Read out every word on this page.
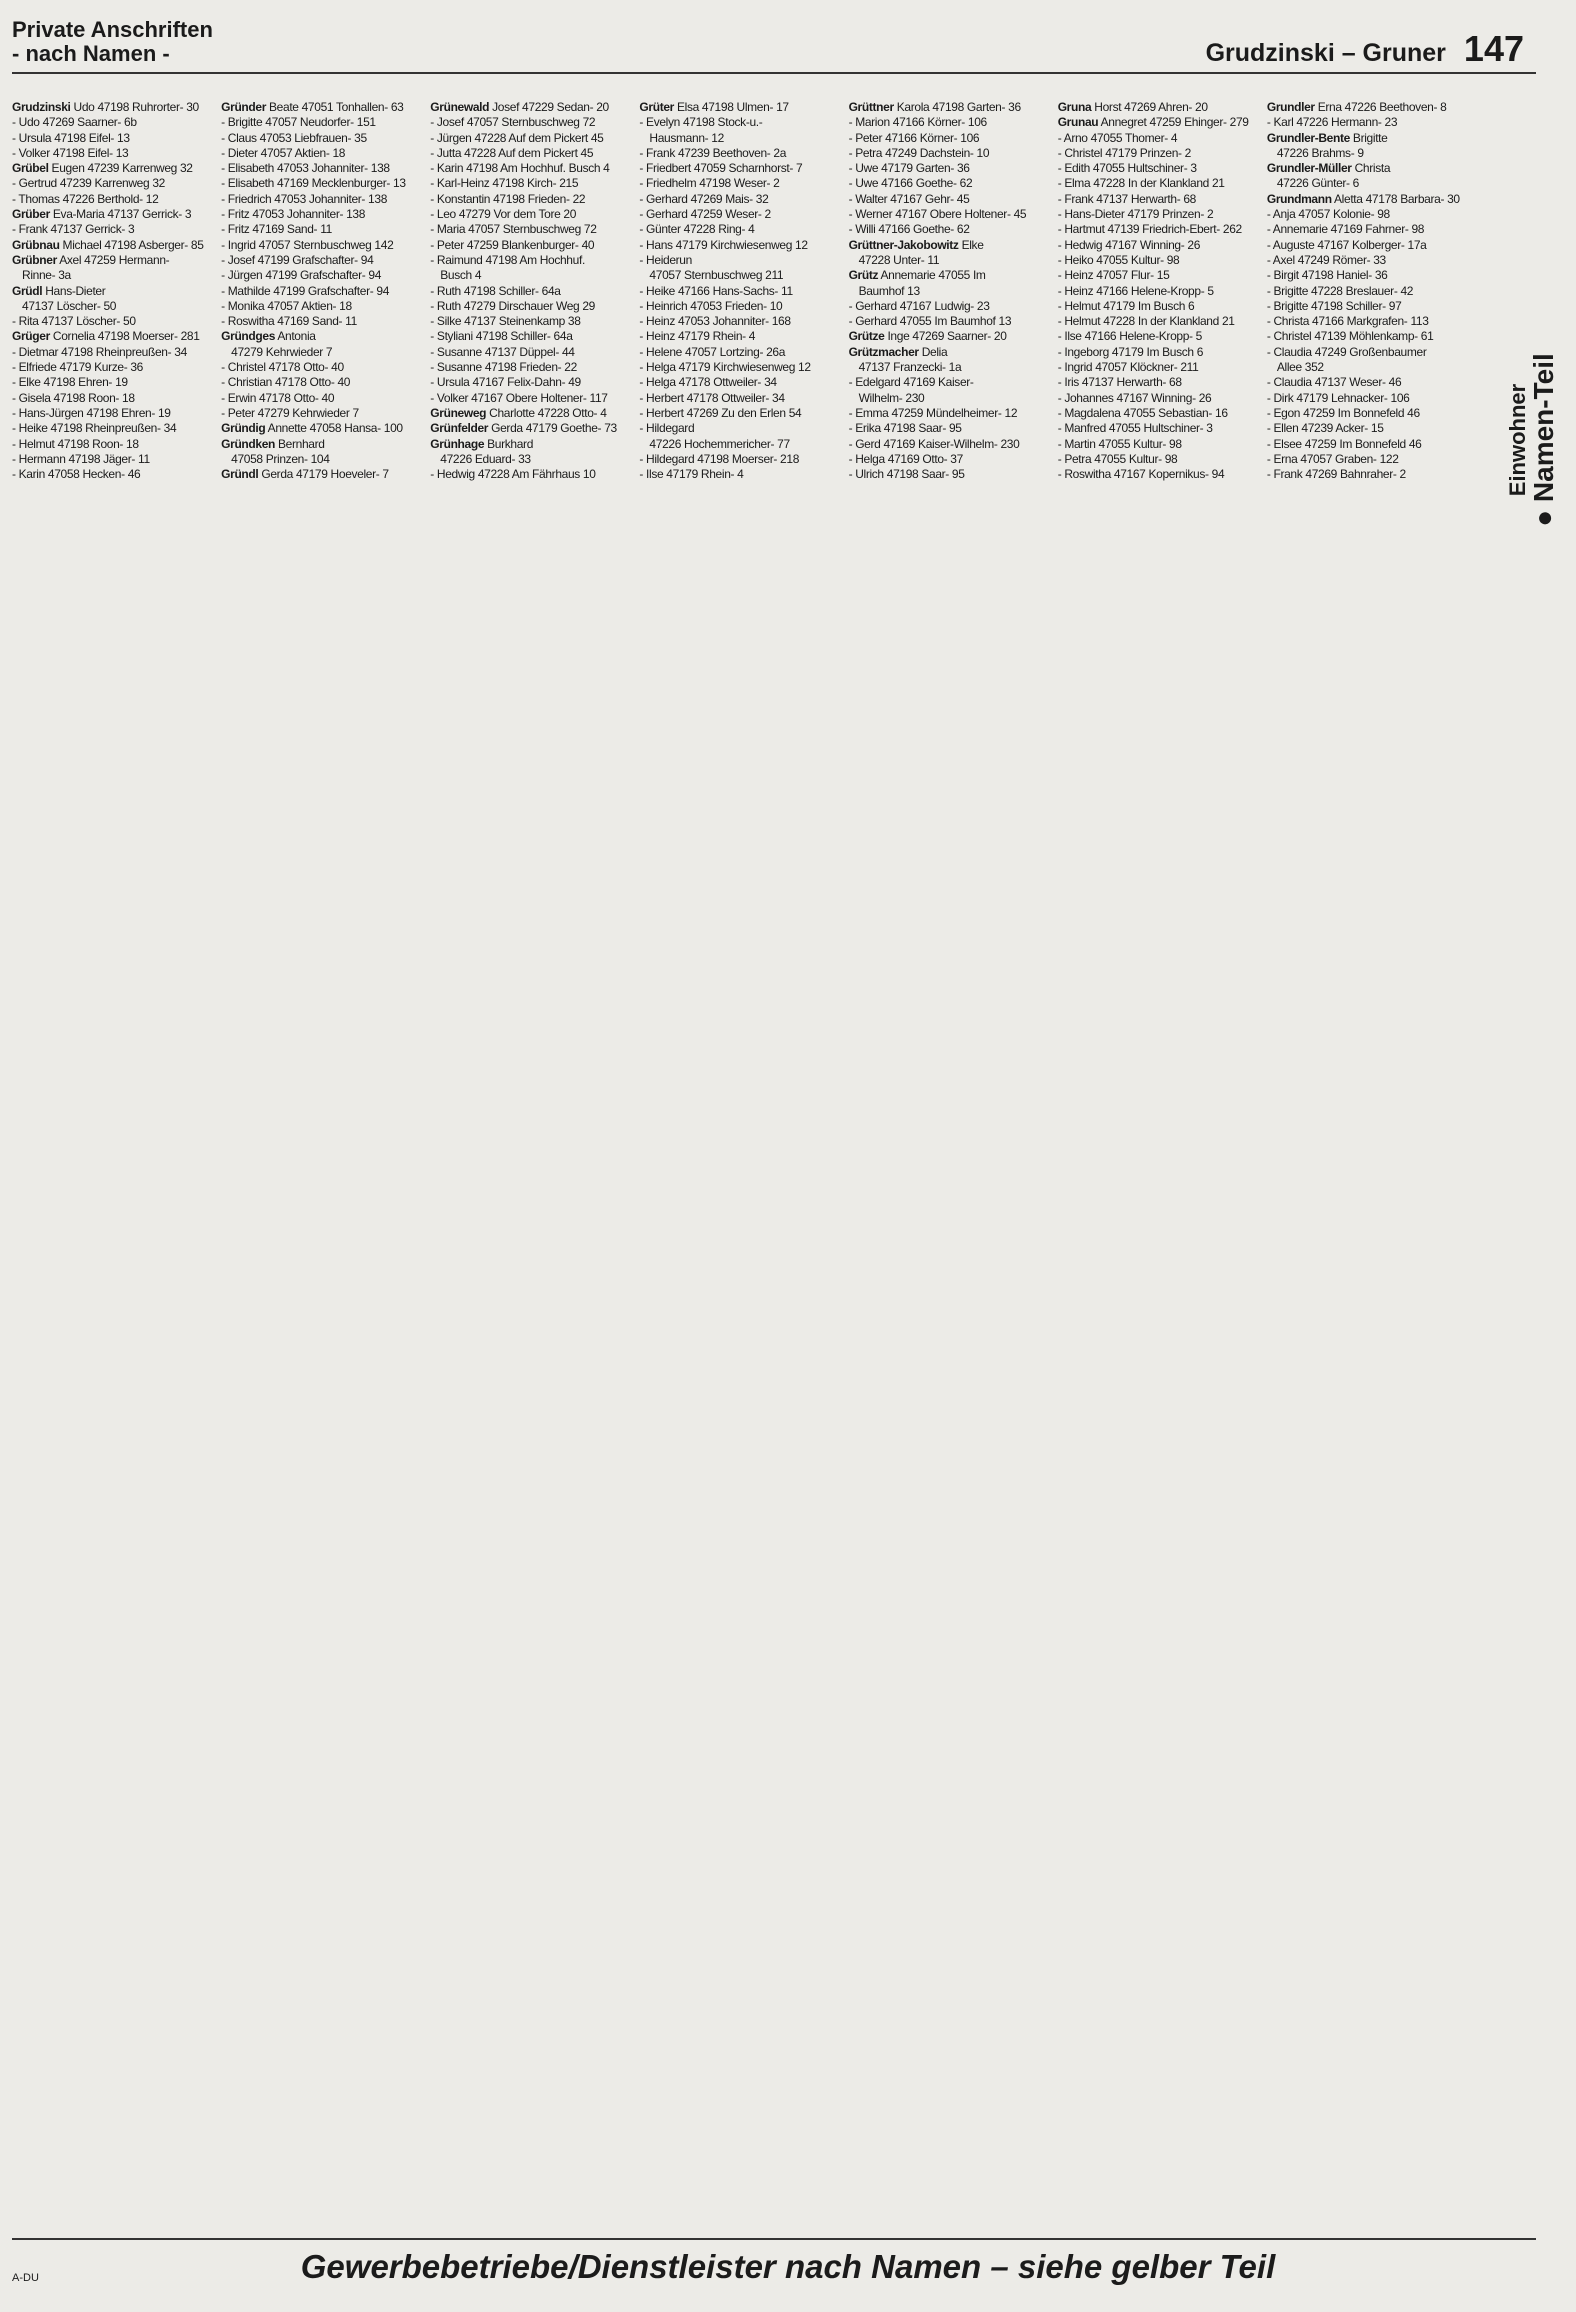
Private Anschriften
- nach Namen -	Grudzinski – Gruner 147
Grudzinski Udo 47198 Ruhrorter- 30
- Udo 47269 Saarner- 6b
- Ursula 47198 Eifel- 13
- Volker 47198 Eifel- 13
Grübel Eugen 47239 Karrenweg 32
- Gertrud 47239 Karrenweg 32
- Thomas 47226 Berthold- 12
Grüber Eva-Maria 47137 Gerrick- 3
- Frank 47137 Gerrick- 3
Grübnau Michael 47198 Asberger- 85
Grübner Axel 47259 Hermann-
Rinne- 3a
Grüdl Hans-Dieter
47137 Löscher- 50
- Rita 47137 Löscher- 50
Grüger Cornelia 47198 Moerser- 281
- Dietmar 47198 Rheinpreußen- 34
- Elfriede 47179 Kurze- 36
- Elke 47198 Ehren- 19
- Gisela 47198 Roon- 18
- Hans-Jürgen 47198 Ehren- 19
- Heike 47198 Rheinpreußen- 34
- Helmut 47198 Roon- 18
- Hermann 47198 Jäger- 11
- Karin 47058 Hecken- 46
Gründer Beate 47051 Tonhallen- 63
- Brigitte 47057 Neudorfer- 151
- Claus 47053 Liebfrauen- 35
- Dieter 47057 Aktien- 18
- Elisabeth 47053 Johanniter- 138
- Elisabeth 47169 Mecklenburger- 13
- Friedrich 47053 Johanniter- 138
- Fritz 47053 Johanniter- 138
- Fritz 47169 Sand- 11
- Ingrid 47057 Sternbuschweg 142
- Josef 47199 Grafschafter- 94
- Jürgen 47199 Grafschafter- 94
- Mathilde 47199 Grafschafter- 94
- Monika 47057 Aktien- 18
- Roswitha 47169 Sand- 11
Gründges Antonia
47279 Kehrwieder 7
- Christel 47178 Otto- 40
- Christian 47178 Otto- 40
- Erwin 47178 Otto- 40
- Peter 47279 Kehrwieder 7
Gründig Annette 47058 Hansa- 100
Gründken Bernhard
47058 Prinzen- 104
Gründl Gerda 47179 Hoeveler- 7
Grünewald Josef 47229 Sedan- 20
- Josef 47057 Sternbuschweg 72
- Jürgen 47228 Auf dem Pickert 45
- Jutta 47228 Auf dem Pickert 45
- Karin 47198 Am Hochhuf. Busch 4
- Karl-Heinz 47198 Kirch- 215
- Konstantin 47198 Frieden- 22
- Leo 47279 Vor dem Tore 20
- Maria 47057 Sternbuschweg 72
- Peter 47259 Blankenburger- 40
- Raimund 47198 Am Hochhuf.
Busch 4
- Ruth 47198 Schiller- 64a
- Ruth 47279 Dirschauer Weg 29
- Silke 47137 Steinenkamp 38
- Styliani 47198 Schiller- 64a
- Susanne 47137 Düppel- 44
- Susanne 47198 Frieden- 22
- Ursula 47167 Felix-Dahn- 49
- Volker 47167 Obere Holtener- 117
Grüneweg Charlotte 47228 Otto- 4
Grünfelder Gerda 47179 Goethe- 73
Grünhage Burkhard
47226 Eduard- 33
- Hedwig 47228 Am Fährhaus 10
Grüter Elsa 47198 Ulmen- 17
- Evelyn 47198 Stock-u.-
Hausmann- 12
- Frank 47239 Beethoven- 2a
- Friedbert 47059 Scharnhorst- 7
- Friedhelm 47198 Weser- 2
- Gerhard 47269 Mais- 32
- Gerhard 47259 Weser- 2
- Günter 47228 Ring- 4
- Hans 47179 Kirchwiesenweg 12
- Heiderun
47057 Sternbuschweg 211
- Heike 47166 Hans-Sachs- 11
- Heinrich 47053 Frieden- 10
- Heinz 47053 Johanniter- 168
- Heinz 47179 Rhein- 4
- Helene 47057 Lortzing- 26a
- Helga 47179 Kirchwiesenweg 12
- Helga 47178 Ottweiler- 34
- Herbert 47178 Ottweiler- 34
- Herbert 47269 Zu den Erlen 54
- Hildegard
47226 Hochemmericher- 77
- Hildegard 47198 Moerser- 218
- Ilse 47179 Rhein- 4
Grüttner Karola 47198 Garten- 36
- Marion 47166 Körner- 106
- Peter 47166 Körner- 106
- Petra 47249 Dachstein- 10
- Uwe 47179 Garten- 36
- Uwe 47166 Goethe- 62
- Walter 47167 Gehr- 45
- Werner 47167 Obere Holtener- 45
- Willi 47166 Goethe- 62
Grüttner-Jakobowitz Elke
47228 Unter- 11
Grütz Annemarie 47055 Im
Baumhof 13
- Gerhard 47167 Ludwig- 23
- Gerhard 47055 Im Baumhof 13
Grütze Inge 47269 Saarner- 20
Grützmacher Delia
47137 Franzecki- 1a
- Edelgard 47169 Kaiser-
Wilhelm- 230
- Emma 47259 Mündelheimer- 12
- Erika 47198 Saar- 95
- Gerd 47169 Kaiser-Wilhelm- 230
- Helga 47169 Otto- 37
- Ulrich 47198 Saar- 95
Gruna Horst 47269 Ahren- 20
Grunau Annegret 47259 Ehinger- 279
- Arno 47055 Thomer- 4
- Christel 47179 Prinzen- 2
- Edith 47055 Hultschiner- 3
- Elma 47228 In der Klankland 21
- Frank 47137 Herwarth- 68
- Hans-Dieter 47179 Prinzen- 2
- Hartmut 47139 Friedrich-Ebert- 262
- Hedwig 47167 Winning- 26
- Heiko 47055 Kultur- 98
- Heinz 47057 Flur- 15
- Heinz 47166 Helene-Kropp- 5
- Helmut 47179 Im Busch 6
- Helmut 47228 In der Klankland 21
- Ilse 47166 Helene-Kropp- 5
- Ingeborg 47179 Im Busch 6
- Ingrid 47057 Klöckner- 211
- Iris 47137 Herwarth- 68
- Johannes 47167 Winning- 26
- Magdalena 47055 Sebastian- 16
- Manfred 47055 Hultschiner- 3
- Martin 47055 Kultur- 98
- Petra 47055 Kultur- 98
- Roswitha 47167 Kopernikus- 94
Grundler Erna 47226 Beethoven- 8
- Karl 47226 Hermann- 23
Grundler-Bente Brigitte
47226 Brahms- 9
Grundler-Müller Christa
47226 Günter- 6
Grundmann Aletta 47178 Barbara- 30
- Anja 47057 Kolonie- 98
- Annemarie 47169 Fahrner- 98
- Auguste 47167 Kolberger- 17a
- Axel 47249 Römer- 33
- Birgit 47198 Haniel- 36
- Brigitte 47228 Breslauer- 42
- Brigitte 47198 Schiller- 97
- Christa 47166 Markgrafen- 113
- Christel 47139 Möhlenkamp- 61
- Claudia 47249 Großenbaumer
Allee 352
- Claudia 47137 Weser- 46
- Dirk 47179 Lehnacker- 106
- Egon 47259 Im Bonnefeld 46
- Ellen 47239 Acker- 15
- Elsee 47259 Im Bonnefeld 46
- Erna 47057 Graben- 122
- Frank 47269 Bahnraher- 2	Einwohner
● Namen-Teil
Gewerbebetriebe/Dienstleister nach Namen – siehe gelber Teil
A-DU
